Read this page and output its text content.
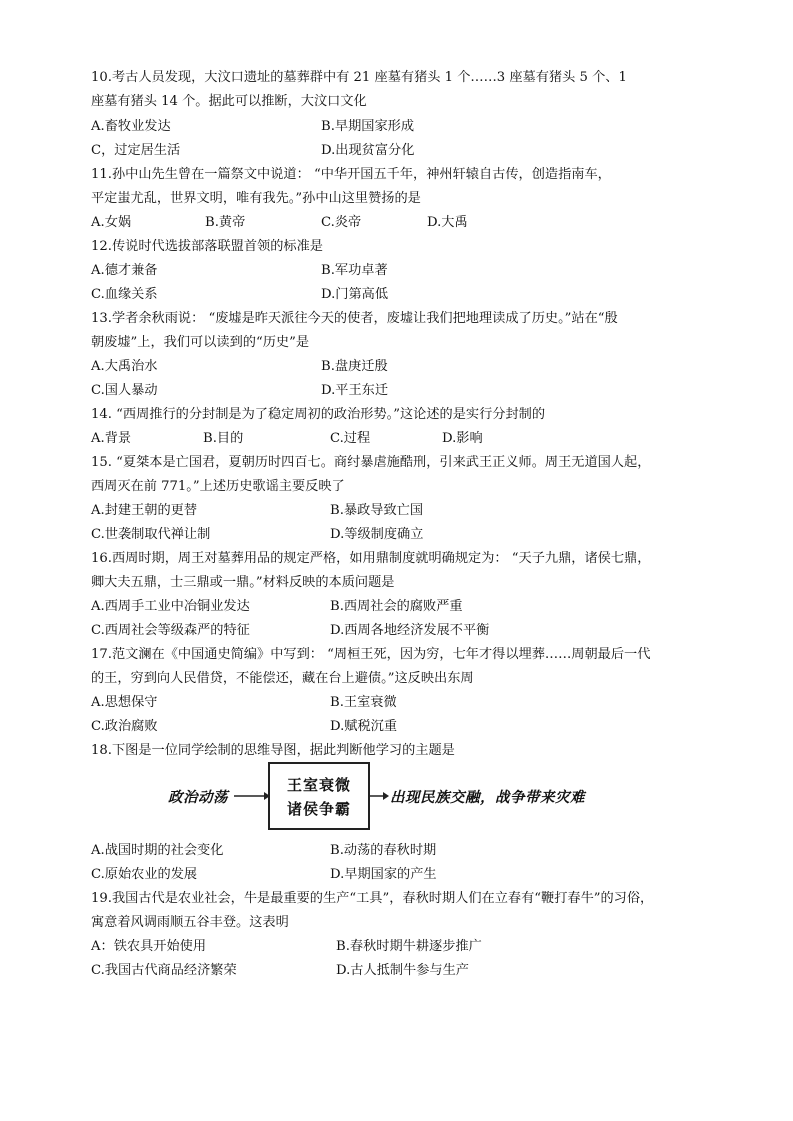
10.考古人员发现，大汶口遗址的墓葬群中有 21 座墓有猪头 1 个……3 座墓有猪头 5 个、1
座墓有猪头 14 个。据此可以推断，大汶口文化
A.畜牧业发达	B.早期国家形成
C，过定居生活	D.出现贫富分化
11.孙中山先生曾在一篇祭文中说道： “中华开国五千年，神州轩辕自古传，创造指南车，
平定蚩尤乱，世界文明，唯有我先。”孙中山这里赞扬的是
A.女娲	B.黄帝	C.炎帝	D.大禹
12.传说时代选拔部落联盟首领的标准是
A.德才兼备	B.军功卓著
C.血缘关系	D.门第高低
13.学者余秋雨说： “废墟是昨天派往今天的使者，废墟让我们把地理读成了历史。”站在“殷
朝废墟”上，我们可以读到的“历史”是
A.大禹治水	B.盘庚迁殷
C.国人暴动	D.平王东迁
14. “西周推行的分封制是为了稳定周初的政治形势。”这论述的是实行分封制的
A.背景	B.目的	C.过程	D.影响
15. “夏桀本是亡国君，夏朝历时四百七。商纣暴虐施酷刑，引来武王正义师。周王无道国人起，
西周灭在前 771。”上述历史歌谣主要反映了
A.封建王朝的更替	B.暴政导致亡国
C.世袭制取代禅让制	D.等级制度确立
16.西周时期，周王对墓葬用品的规定严格，如用鼎制度就明确规定为： “天子九鼎，诸侯七鼎，
卿大夫五鼎，士三鼎或一鼎。”材料反映的本质问题是
A.西周手工业中冶铜业发达	B.西周社会的腐败严重
C.西周社会等级森严的特征	D.西周各地经济发展不平衡
17.范文澜在《中国通史简编》中写到： “周桓王死，因为穷，七年才得以埋葬……周朝最后一代
的王，穷到向人民借贷，不能偿还，藏在台上避债。”这反映出东周
A.思想保守	B.王室衰微
C.政治腐败	D.赋税沉重
18.下图是一位同学绘制的思维导图，据此判断他学习的主题是
政治动荡
王室衰微
诸侯争霸
出现民族交融，战争带来灾难
A.战国时期的社会变化	B.动荡的春秋时期
C.原始农业的发展	D.早期国家的产生
19.我国古代是农业社会，牛是最重要的生产“工具”，春秋时期人们在立春有“鞭打春牛”的习俗，
寓意着风调雨顺五谷丰登。这表明
A：铁农具开始使用	B.春秋时期牛耕逐步推广
C.我国古代商品经济繁荣	D.古人抵制牛参与生产
